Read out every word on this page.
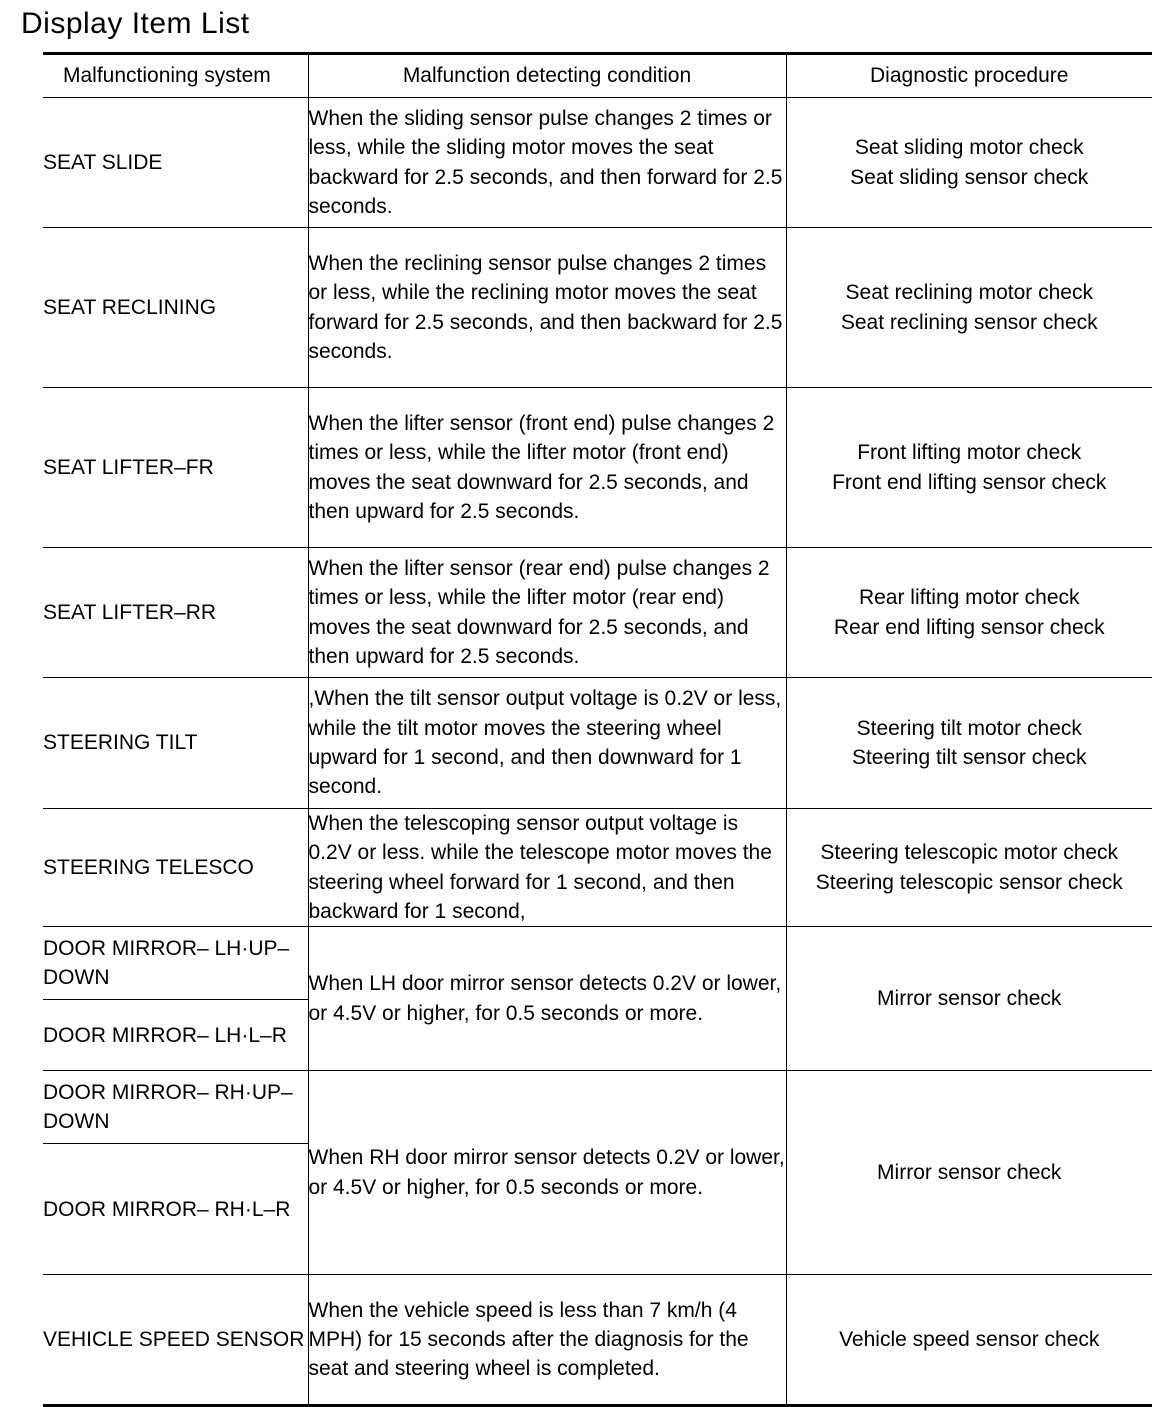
Display Item List
Malfunctioning system	Malfunction detecting condition	Diagnostic procedure
SEAT SLIDE	When the sliding sensor pulse changes 2 times or less, while the sliding motor moves the seat backward for 2.5 seconds, and then forward for 2.5 seconds.	Seat sliding motor check
Seat sliding sensor check

SEAT RECLINING	When the reclining sensor pulse changes 2 times or less, while the reclining motor moves the seat forward for 2.5 seconds, and then backward for 2.5 seconds.	Seat reclining motor check
Seat reclining sensor check

SEAT LIFTER–FR	When the lifter sensor (front end) pulse changes 2 times or less, while the lifter motor (front end) moves the seat downward for 2.5 seconds, and then upward for 2.5 seconds.	Front lifting motor check
Front end lifting sensor check

SEAT LIFTER–RR	When the lifter sensor (rear end) pulse changes 2 times or less, while the lifter motor (rear end) moves the seat downward for 2.5 seconds, and then upward for 2.5 seconds.	Rear lifting motor check
Rear end lifting sensor check

STEERING TILT	,When the tilt sensor output voltage is 0.2V or less, while the tilt motor moves the steering wheel upward for 1 second, and then downward for 1 second.	Steering tilt motor check
Steering tilt sensor check

STEERING TELESCO	When the telescoping sensor output voltage is 0.2V or less. while the telescope motor moves the steering wheel forward for 1 second, and then backward for 1 second,	Steering telescopic motor check
Steering telescopic sensor check

DOOR MIRROR– LH·UP–DOWN	When LH door mirror sensor detects 0.2V or lower, or 4.5V or higher, for 0.5 seconds or more.	Mirror sensor check
DOOR MIRROR– LH·L–R		
DOOR MIRROR– RH·UP–DOWN	When RH door mirror sensor detects 0.2V or lower, or 4.5V or higher, for 0.5 seconds or more.	Mirror sensor check
DOOR MIRROR– RH·L–R		
VEHICLE SPEED SENSOR	When the vehicle speed is less than 7 km/h (4 MPH) for 15 seconds after the diagnosis for the seat and steering wheel is completed.	Vehicle speed sensor check
